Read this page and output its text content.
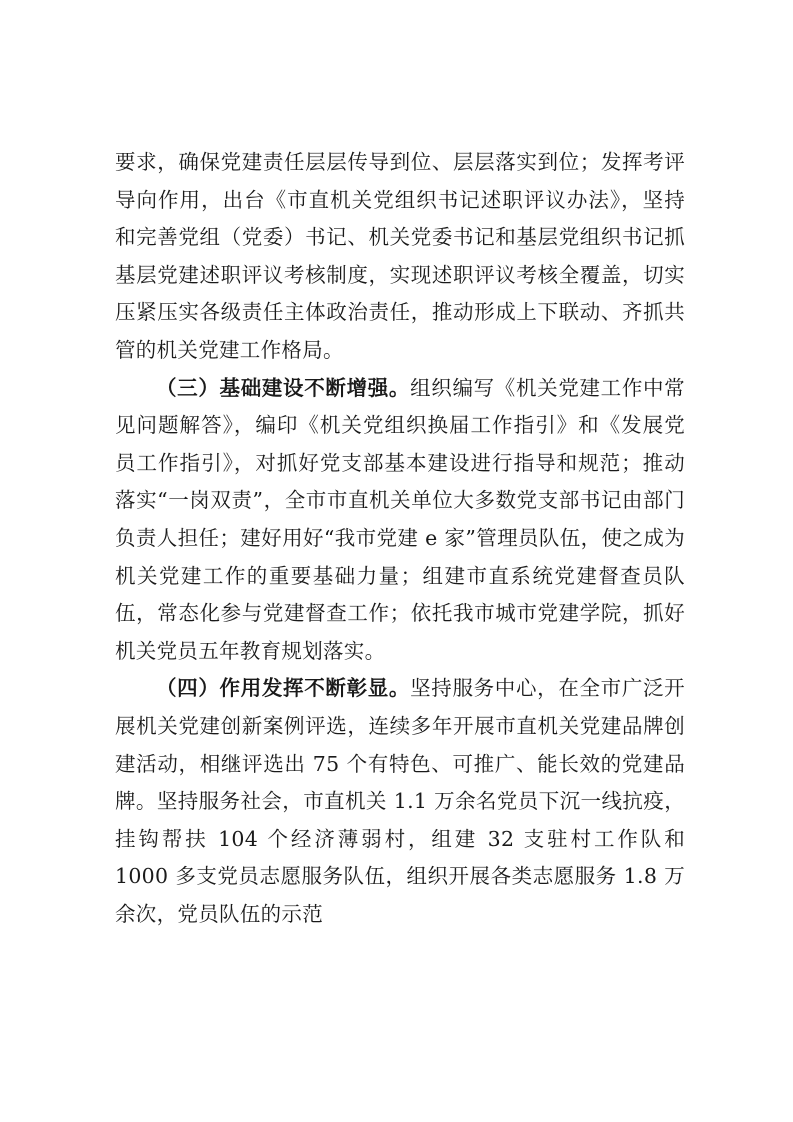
要求，确保党建责任层层传导到位、层层落实到位；发挥考评导向作用，出台《市直机关党组织书记述职评议办法》，坚持和完善党组（党委）书记、机关党委书记和基层党组织书记抓基层党建述职评议考核制度，实现述职评议考核全覆盖，切实压紧压实各级责任主体政治责任，推动形成上下联动、齐抓共管的机关党建工作格局。

（三）基础建设不断增强。组织编写《机关党建工作中常见问题解答》，编印《机关党组织换届工作指引》和《发展党员工作指引》，对抓好党支部基本建设进行指导和规范；推动落实“一岗双责”，全市市直机关单位大多数党支部书记由部门负责人担任；建好用好“我市党建 e 家”管理员队伍，使之成为机关党建工作的重要基础力量；组建市直系统党建督查员队伍，常态化参与党建督查工作；依托我市城市党建学院，抓好机关党员五年教育规划落实。

（四）作用发挥不断彰显。坚持服务中心，在全市广泛开展机关党建创新案例评选，连续多年开展市直机关党建品牌创建活动，相继评选出 75 个有特色、可推广、能长效的党建品牌。坚持服务社会，市直机关 1.1 万余名党员下沉一线抗疫，挂钩帮扶 104 个经济薄弱村，组建 32 支驻村工作队和 1000 多支党员志愿服务队伍，组织开展各类志愿服务 1.8 万余次，党员队伍的示范
